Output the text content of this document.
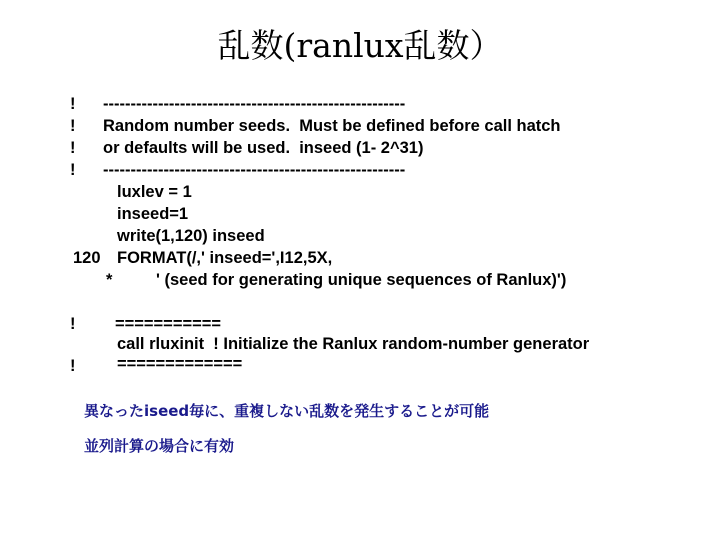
乱数(ranlux乱数）
! -------------------------------------------------------
! Random number seeds.  Must be defined before call hatch
! or defaults will be used.  inseed (1- 2^31)
! -------------------------------------------------------
luxlev = 1
inseed=1
write(1,120) inseed
120 FORMAT(/,' inseed=',I12,5X,
*	' (seed for generating unique sequences of Ranlux)')
! ===========
call rluxinit  ! Initialize the Ranlux random-number generator
!	=============
異なったiseed毎に、重複しない乱数を発生することが可能
並列計算の場合に有効
